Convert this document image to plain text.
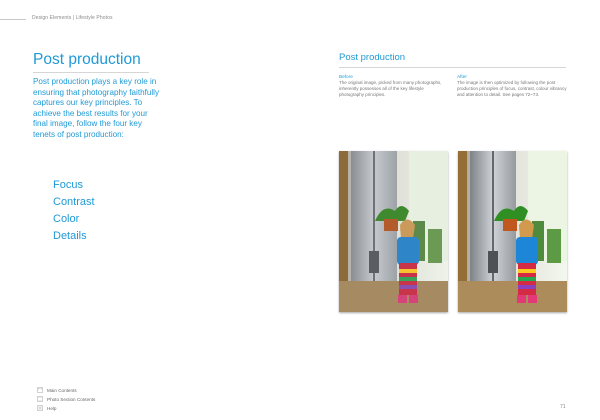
Design Elements | Lifestyle Photos
Post production
Post production plays a key role in ensuring that photography faithfully captures our key principles. To achieve the best results for your final image, follow the four key tenets of post production:
Focus
Contrast
Color
Details
Post production
Before
The original image, picked from many photographs, inherently possesses all of the key lifestyle photography principles.
After
The image is then optimized by following the post production principles of focus, contrast, colour vibrancy and attention to detail. See pages 72~73.
Main Contents
Photo Section Contents
Help	71
